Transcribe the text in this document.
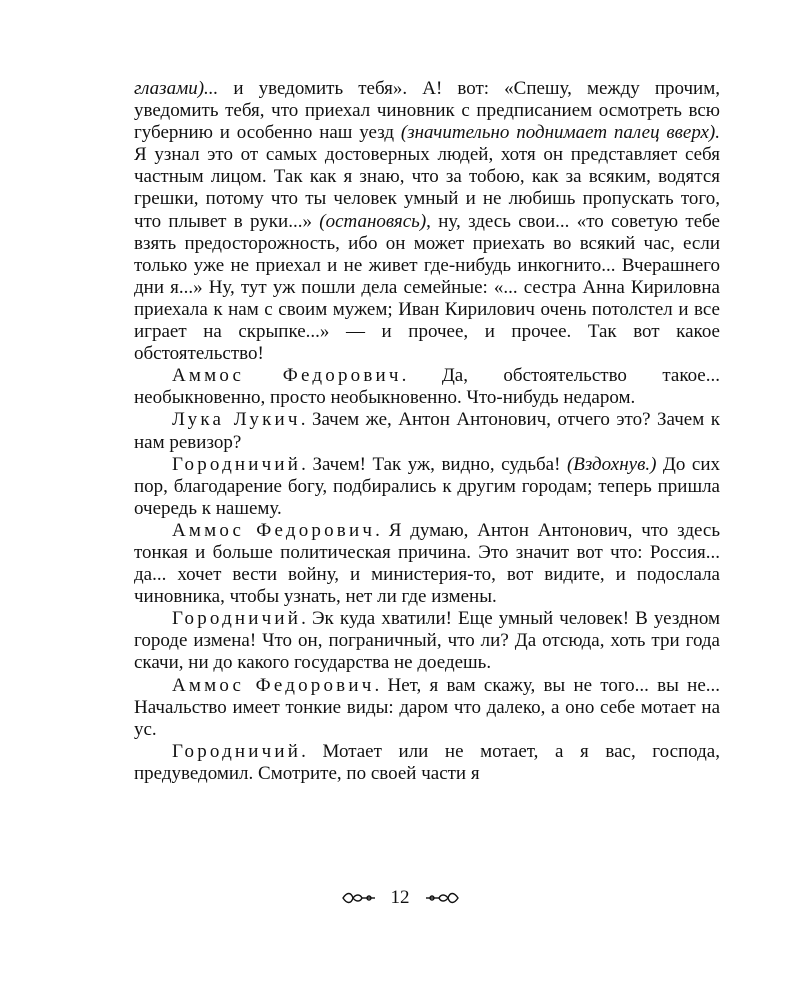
глазами)... и уведомить тебя». А! вот: «Спешу, между прочим, уведомить тебя, что приехал чиновник с предписанием осмотреть всю губернию и особенно наш уезд (значительно поднимает палец вверх). Я узнал это от самых достоверных людей, хотя он представляет себя частным лицом. Так как я знаю, что за тобою, как за всяким, водятся грешки, потому что ты человек умный и не любишь пропускать того, что плывет в руки...» (остановясь), ну, здесь свои... «то советую тебе взять предосторожность, ибо он может приехать во всякий час, если только уже не приехал и не живет где-нибудь инкогнито... Вчерашнего дни я...» Ну, тут уж пошли дела семейные: «... сестра Анна Кириловна приехала к нам с своим мужем; Иван Кирилович очень потолстел и все играет на скрыпке...» — и прочее, и прочее. Так вот какое обстоятельство!

Аммос Федорович. Да, обстоятельство такое... необыкновенно, просто необыкновенно. Что-нибудь недаром.

Лука Лукич. Зачем же, Антон Антонович, отчего это? Зачем к нам ревизор?

Городничий. Зачем! Так уж, видно, судьба! (Вздохнув.) До сих пор, благодарение богу, подбирались к другим городам; теперь пришла очередь к нашему.

Аммос Федорович. Я думаю, Антон Антонович, что здесь тонкая и больше политическая причина. Это значит вот что: Россия... да... хочет вести войну, и министерия-то, вот видите, и подослала чиновника, чтобы узнать, нет ли где измены.

Городничий. Эк куда хватили! Еще умный человек! В уездном городе измена! Что он, пограничный, что ли? Да отсюда, хоть три года скачи, ни до какого государства не доедешь.

Аммос Федорович. Нет, я вам скажу, вы не того... вы не... Начальство имеет тонкие виды: даром что далеко, а оно себе мотает на ус.

Городничий. Мотает или не мотает, а я вас, господа, предуведомил. Смотрите, по своей части я

12
